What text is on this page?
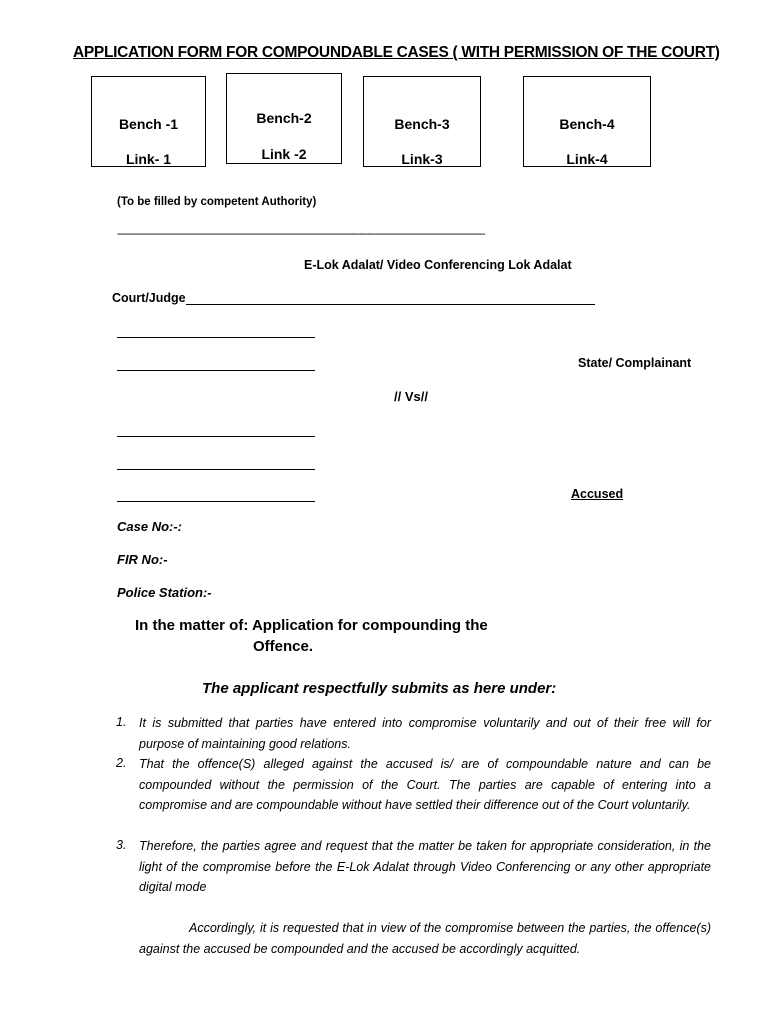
APPLICATION FORM FOR COMPOUNDABLE CASES ( WITH PERMISSION OF THE COURT)
Bench -1
Link- 1
Bench-2
Link -2
Bench-3
Link-3
Bench-4
Link-4
(To be filled by competent Authority)
------------------------------------------------------------------------------------------------------------------------------------------
E-Lok Adalat/ Video Conferencing Lok Adalat
Court/Judge
State/ Complainant
// Vs//
Accused
Case No:-:
FIR No:-
Police Station:-
In the matter of: Application for compounding the
Offence.
The applicant respectfully submits as here under:
1. It is submitted that parties have entered into compromise voluntarily and out of their free will for purpose of maintaining good relations.
2. That the offence(S) alleged against the accused is/ are of compoundable nature and can be compounded without the permission of the Court. The parties are capable of entering into a compromise and are compoundable without have settled their difference out of the Court voluntarily.
3. Therefore, the parties agree and request that the matter be taken for appropriate consideration, in the light of the compromise before the E-Lok Adalat through Video Conferencing or any other appropriate digital mode
Accordingly, it is requested that in view of the compromise between the parties, the offence(s) against the accused be compounded and the accused be accordingly acquitted.
